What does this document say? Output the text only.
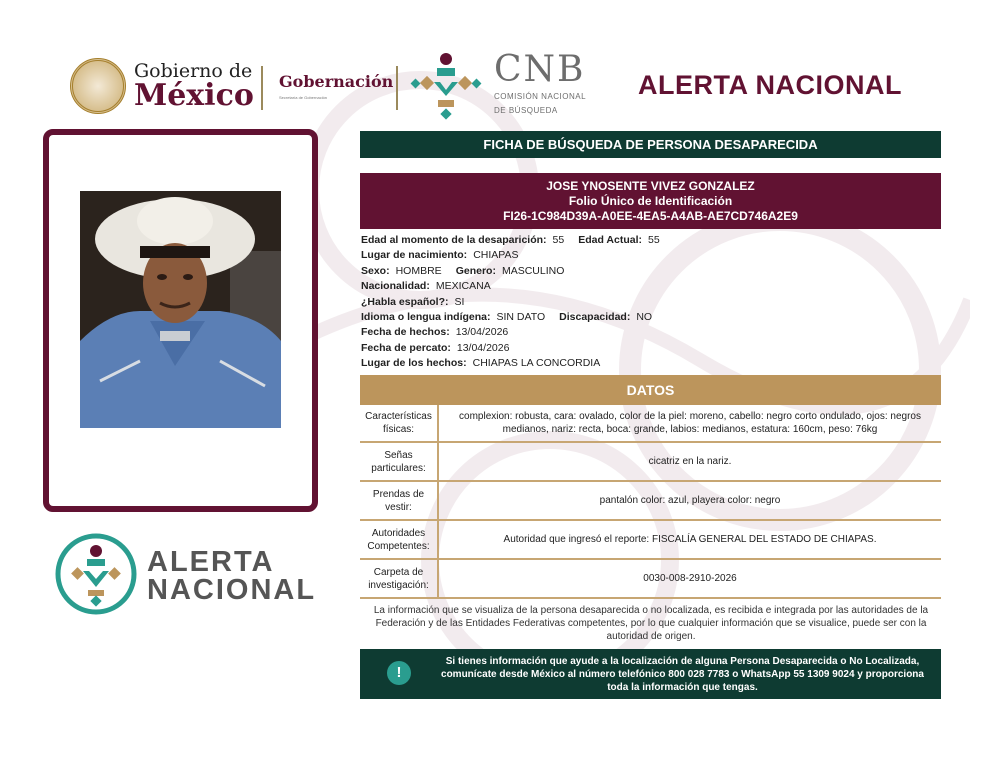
Gobierno de
México Gobernación
Secretaría de Gobernación
CNB
COMISIÓN NACIONAL
DE BÚSQUEDA
ALERTA NACIONAL
ALERTA
NACIONAL
FICHA DE BÚSQUEDA DE PERSONA DESAPARECIDA
JOSE YNOSENTE VIVEZ GONZALEZ
Folio Único de Identificación
FI26-1C984D39A-A0EE-4EA5-A4AB-AE7CD746A2E9
Edad al momento de la desaparición: 55 Edad Actual: 55
Lugar de nacimiento: CHIAPAS
Sexo: HOMBRE Genero: MASCULINO
Nacionalidad: MEXICANA
¿Habla español?: SI
Idioma o lengua indígena: SIN DATO Discapacidad: NO
Fecha de hechos: 13/04/2026
Fecha de percato: 13/04/2026
Lugar de los hechos: CHIAPAS LA CONCORDIA
DATOS
Características físicas:
complexion: robusta, cara: ovalado, color de la piel: moreno, cabello: negro corto ondulado, ojos: negros medianos, nariz: recta, boca: grande, labios: medianos, estatura: 160cm, peso: 76kg
Señas particulares:
cicatriz en la nariz.
Prendas de vestir:
pantalón color: azul, playera color: negro
Autoridades Competentes:
Autoridad que ingresó el reporte: FISCALÍA GENERAL DEL ESTADO DE CHIAPAS.
Carpeta de investigación:
0030-008-2910-2026
La información que se visualiza de la persona desaparecida o no localizada, es recibida e integrada por las autoridades de la Federación y de las Entidades Federativas competentes, por lo que cualquier información que se visualice, puede ser con la autoridad de origen.
!
Si tienes información que ayude a la localización de alguna Persona Desaparecida o No Localizada, comunícate desde México al número telefónico 800 028 7783 o WhatsApp 55 1309 9024 y proporciona toda la información que tengas.
